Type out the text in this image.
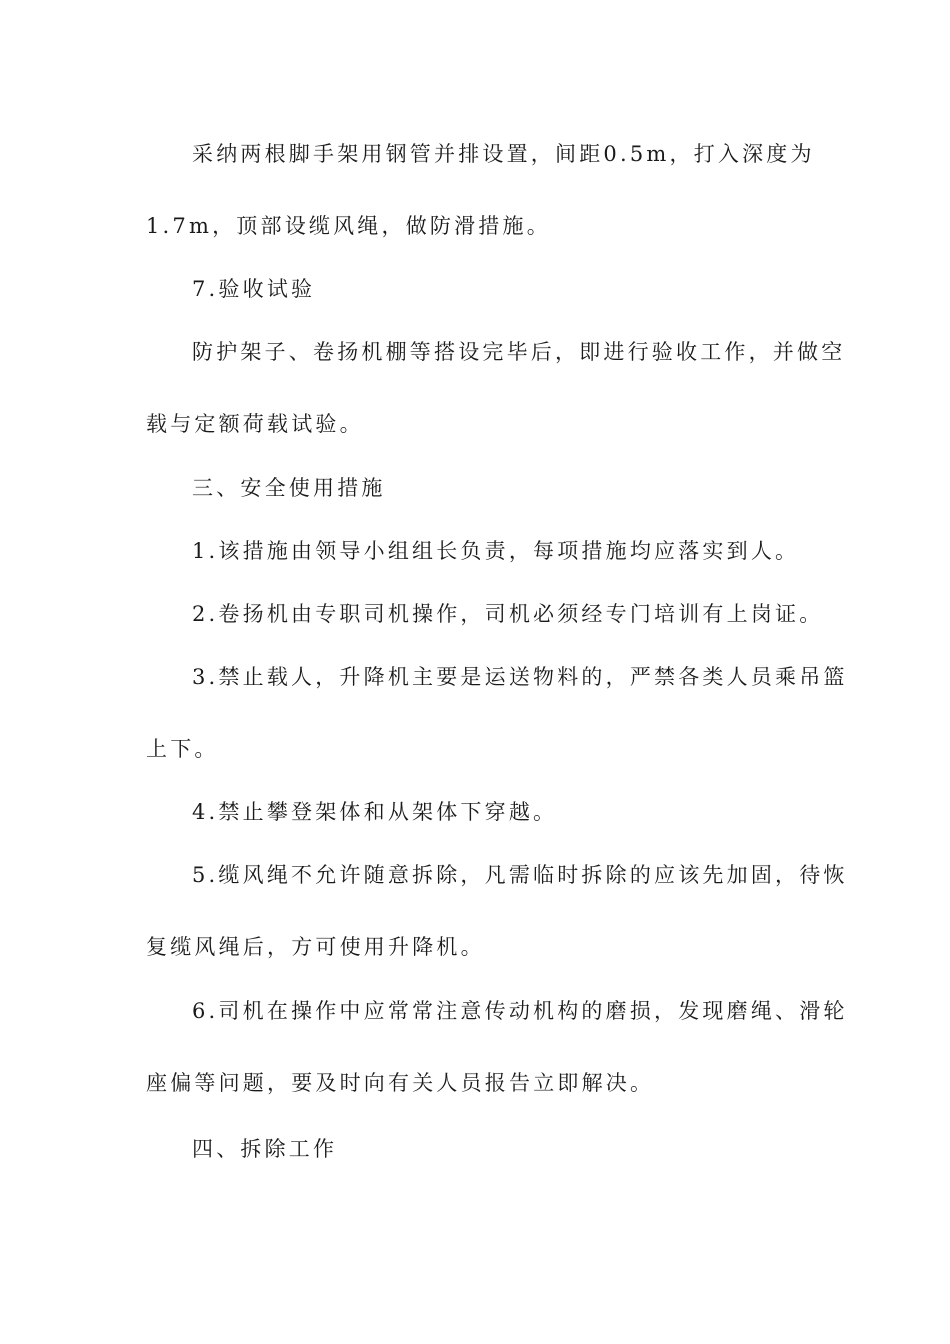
采纳两根脚手架用钢管并排设置，间距0.5m，打入深度为
1.7m，顶部设缆风绳，做防滑措施。
7.验收试验
防护架子、卷扬机棚等搭设完毕后，即进行验收工作，并做空
载与定额荷载试验。
三、安全使用措施
1.该措施由领导小组组长负责，每项措施均应落实到人。
2.卷扬机由专职司机操作，司机必须经专门培训有上岗证。
3.禁止载人，升降机主要是运送物料的，严禁各类人员乘吊篮
上下。
4.禁止攀登架体和从架体下穿越。
5.缆风绳不允许随意拆除，凡需临时拆除的应该先加固，待恢
复缆风绳后，方可使用升降机。
6.司机在操作中应常常注意传动机构的磨损，发现磨绳、滑轮
座偏等问题，要及时向有关人员报告立即解决。
四、拆除工作
